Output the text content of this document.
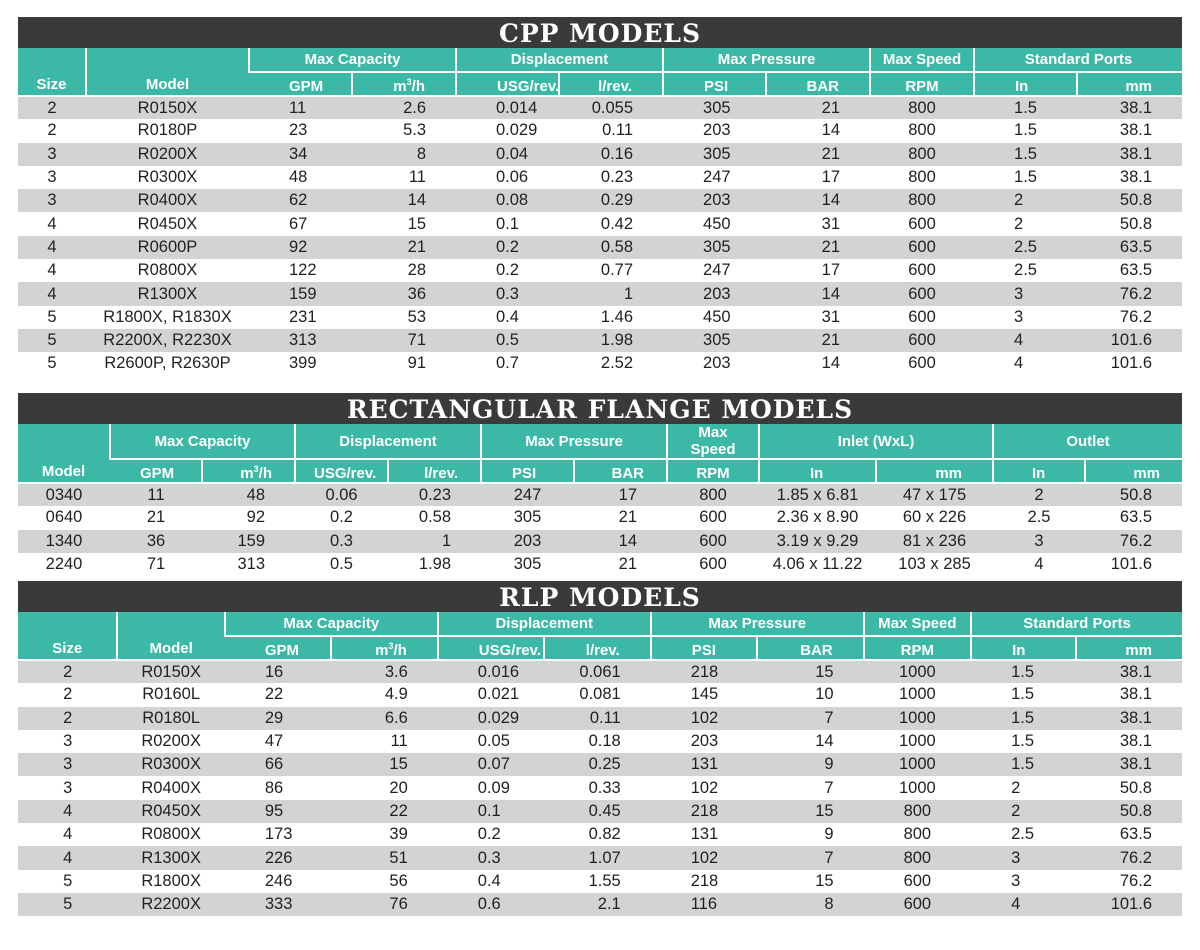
CPP MODELS
Size	Model	Max Capacity		Displacement		Max Pressure		Max Speed	Standard Ports	
		GPM	$m^3/h$	USG/rev.	l/rev.	PSI	BAR	RPM	In	mm
2	R0150X	11	2.6	0.014	0.055	305	21	800	1.5	38.1
2	R0180P	23	5.3	0.029	0.11	203	14	800	1.5	38.1
3	R0200X	34	8	0.04	0.16	305	21	800	1.5	38.1
3	R0300X	48	11	0.06	0.23	247	17	800	1.5	38.1
3	R0400X	62	14	0.08	0.29	203	14	800	2	50.8
4	R0450X	67	15	0.1	0.42	450	31	600	2	50.8
4	R0600P	92	21	0.2	0.58	305	21	600	2.5	63.5
4	R0800X	122	28	0.2	0.77	247	17	600	2.5	63.5
4	R1300X	159	36	0.3	1	203	14	600	3	76.2
5	R1800X, R1830X	231	53	0.4	1.46	450	31	600	3	76.2
5	R2200X, R2230X	313	71	0.5	1.98	305	21	600	4	101.6
5	R2600P, R2630P	399	91	0.7	2.52	203	14	600	4	101.6
RECTANGULAR FLANGE MODELS
Model	Max Capacity		Displacement		Max Pressure		Max Speed	Inlet (WxL)		Outlet	
	GPM	$m^3/h$	USG/rev.	l/rev.	PSI	BAR	RPM	In	mm	In	mm
0340	11	48	0.06	0.23	247	17	800	1.85 x 6.81	47 x 175	2	50.8
0640	21	92	0.2	0.58	305	21	600	2.36 x 8.90	60 x 226	2.5	63.5
1340	36	159	0.3	1	203	14	600	3.19 x 9.29	81 x 236	3	76.2
2240	71	313	0.5	1.98	305	21	600	4.06 x 11.22	103 x 285	4	101.6
RLP MODELS
Size	Model	Max Capacity		Displacement		Max Pressure		Max Speed	Standard Ports	
		GPM	$m^3/h$	USG/rev.	l/rev.	PSI	BAR	RPM	In	mm
2	R0150X	16	3.6	0.016	0.061	218	15	1000	1.5	38.1
2	R0160L	22	4.9	0.021	0.081	145	10	1000	1.5	38.1
2	R0180L	29	6.6	0.029	0.11	102	7	1000	1.5	38.1
3	R0200X	47	11	0.05	0.18	203	14	1000	1.5	38.1
3	R0300X	66	15	0.07	0.25	131	9	1000	1.5	38.1
3	R0400X	86	20	0.09	0.33	102	7	1000	2	50.8
4	R0450X	95	22	0.1	0.45	218	15	800	2	50.8
4	R0800X	173	39	0.2	0.82	131	9	800	2.5	63.5
4	R1300X	226	51	0.3	1.07	102	7	800	3	76.2
5	R1800X	246	56	0.4	1.55	218	15	600	3	76.2
5	R2200X	333	76	0.6	2.1	116	8	600	4	101.6
